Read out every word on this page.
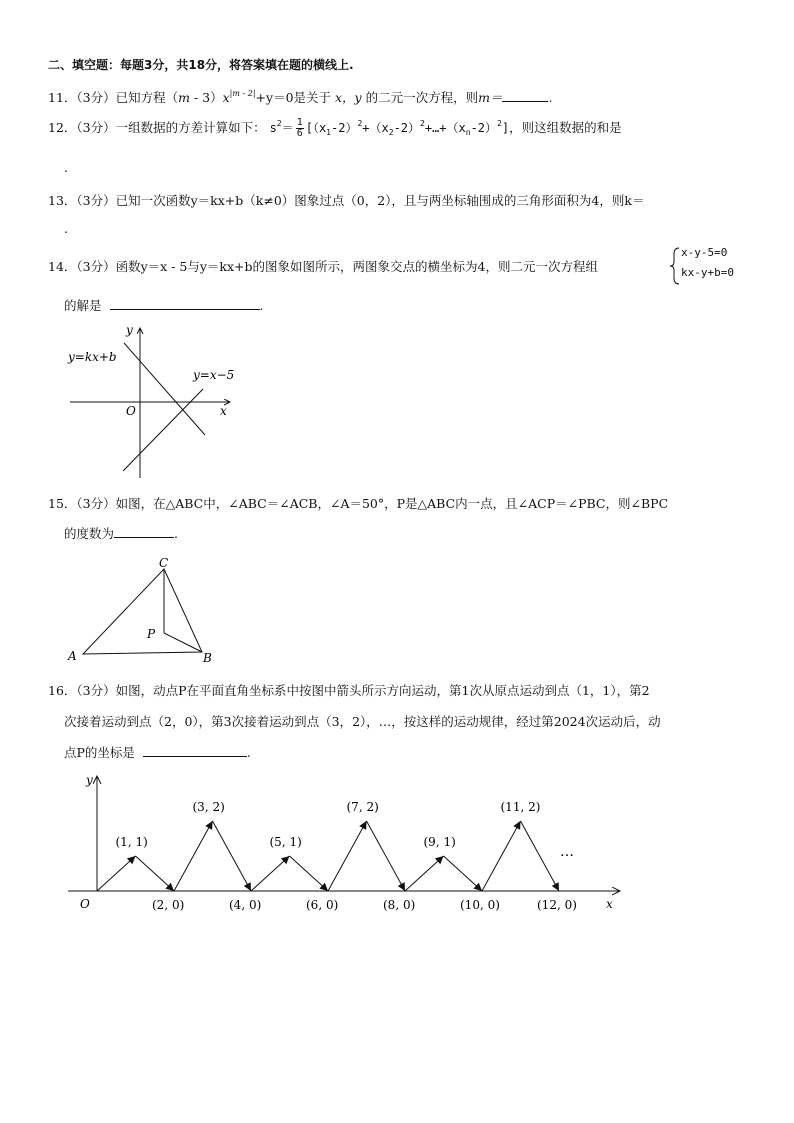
二、填空题：每题3分，共18分，将答案填在题的横线上.
11．（3分）已知方程$(m - 3)x^{|m - 2|}+y=0$是关于 x，y 的二元一次方程，则m＝	.
12．（3分）一组数据的方差计算如下： $s^2= \frac{1}{6}$ $[(x_1-2)^2+(x_2-2)^2+\dots+(x_n-2)^2]$，则这组数据的和是
.
13．（3分）已知一次函数y＝kx+b（k≠0）图象过点（0，2），且与两坐标轴围成的三角形面积为4，则k＝
.
14．（3分）函数y＝x - 5与y＝kx+b的图象如图所示，两图象交点的横坐标为4，则二元一次方程组
x-y-5=0
kx-y+b=0
的解是	.
y=kx+b
y=x−5
y
x
O
15．（3分）如图，在△ABC中，∠ABC＝∠ACB，∠A＝50°，P是△ABC内一点，且∠ACP＝∠PBC，则∠BPC
的度数为	.
C
A	B
P
16．（3分）如图，动点P在平面直角坐标系中按图中箭头所示方向运动，第1次从原点运动到点（1，1），第2
次接着运动到点（2，0），第3次接着运动到点（3，2），…，按这样的运动规律，经过第2024次运动后，动
点P的坐标是	.
y
x
O
…
(1, 1)
(3, 2)
(5, 1)
(7, 2)
(9, 1)
(11, 2)
(2, 0)	(4, 0)	(6, 0)	(8, 0)	(10, 0)	(12, 0)
